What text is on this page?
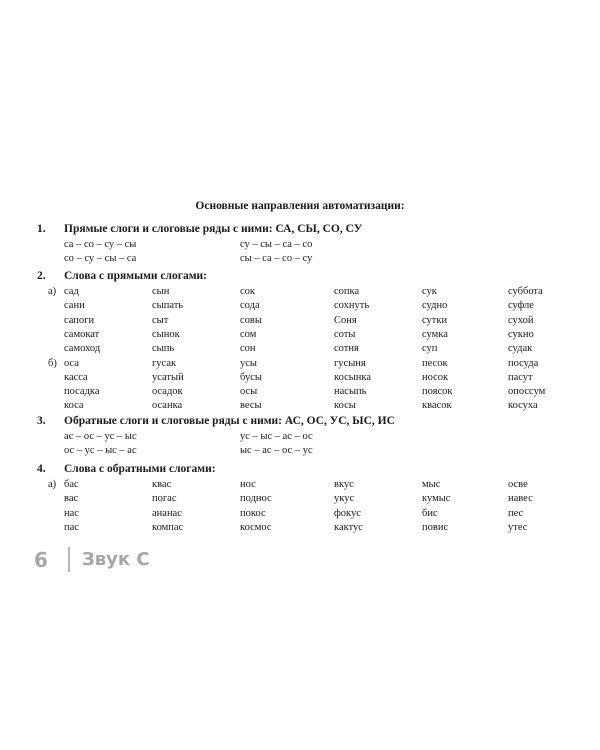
Основные направления автоматизации:
1. Прямые слоги и слоговые ряды с ними: СА, СЫ, СО, СУ
са – со – су – сы	су – сы – са – со
со – су – сы – са	сы – са – со – су
2. Слова с прямыми слогами:
а) сад	сын	сок	сопка	сук	суббота
сани	сыпать	сода	сохнуть	судно	суфле
сапоги	сыт	совы	Соня	сутки	сухой
самокат	сынок	сом	соты	сумка	сукно
самоход	сыпь	сон	сотня	суп	судак
б) оса	гусак	усы	гусыня	песок	посуда
касса	усатый	бусы	косынка	носок	пасут
посадка	осадок	осы	насыпь	поясок	опоссум
коса	осанка	весы	косы	квасок	косуха
3. Обратные слоги и слоговые ряды с ними: АС, ОС, УС, ЫС, ИС
ас – ос – ус – ыс	ус – ыс – ас – ос
ос – ус – ыс – ас	ыс – ас – ос – ус
4. Слова с обратными слогами:
а) бас	квас	нос	вкус	мыс	осве
вас	погас	поднос	укус	кумыс	навес
нас	ананас	покос	фокус	бис	пес
пас	компас	космос	кактус	повис	утес
6 Звук С
